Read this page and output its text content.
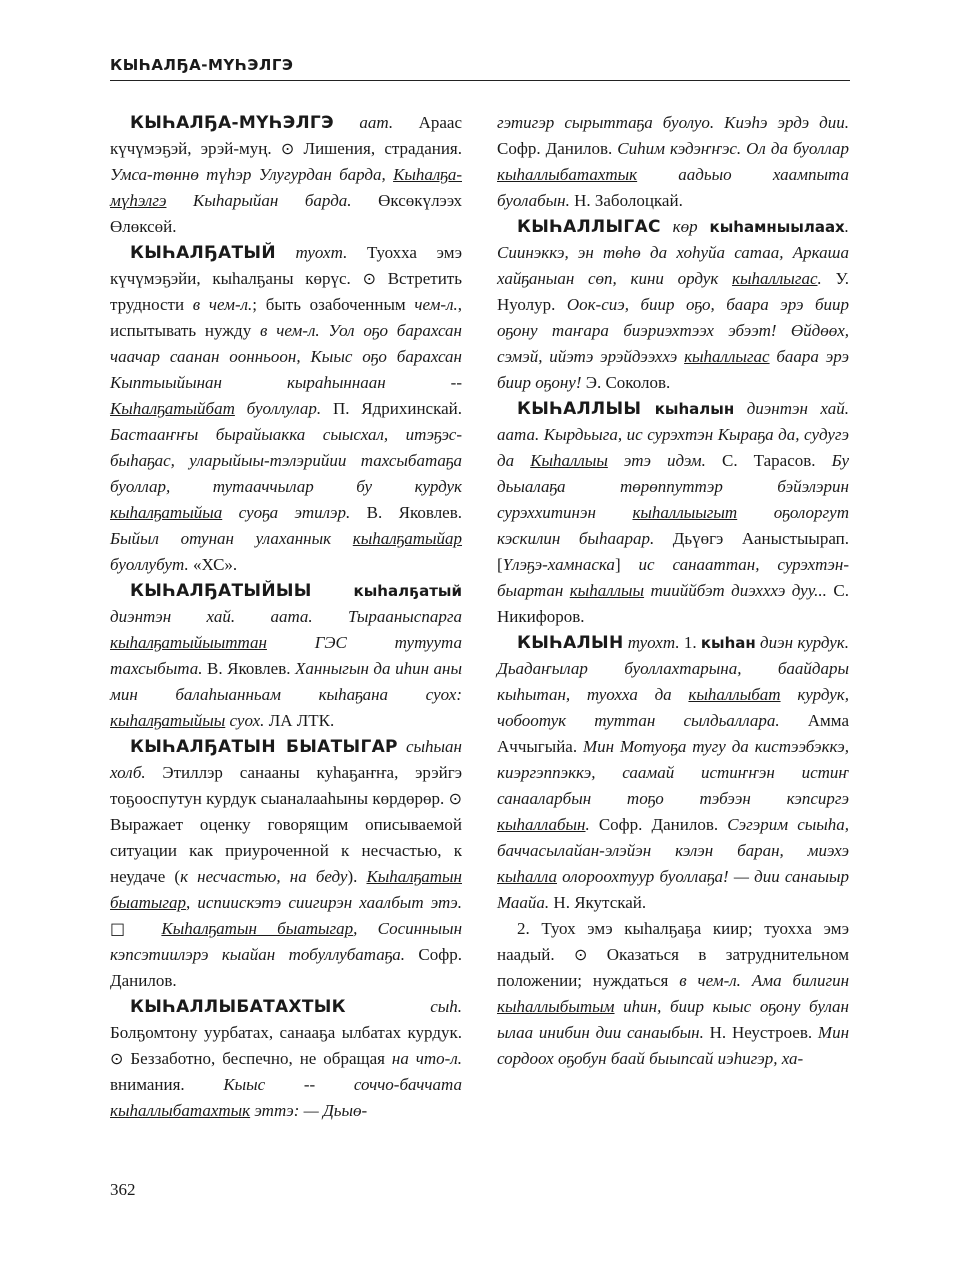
КЫҺАЛҔА-МҮҺЭЛГЭ

КЫҺАЛҔА-МҮҺЭЛГЭ аат. Араас күчүмэҕэй, эрэй-муң. ⊙ Лишения, страдания. Умса-төннө түһэр Улугурдан барда, Кыһалҕа-мүһэлгэ Кыһарыйан барда. Өксөкүлээх Өлөксөй.

КЫҺАЛҔАТЫЙ туохт. Туохха эмэ күчүмэҕэйи, кыһалҕаны көрүс. ⊙ Встретить трудности в чем-л.; быть озабоченным чем-л., испытывать нужду в чем-л. Уол оҕо барахсан чаачар саанан оонньоон, Кыыс оҕо барахсан Кыптыыйынан кыраһыннаан -- Кыһалҕатыйбат буоллулар. П. Ядрихинскай. Бастааҥҥы бырайыакка сыысхал, итэҕэс-быһаҕас, уларыйыы-тэлэрийии тахсыбатаҕа буоллар, тутааччылар бу курдук кыһалҕатыйыа суоҕа этилэр. В. Яковлев. Быйыл отунан улаханнык кыһалҕатыйар буоллубут. «ХС».

КЫҺАЛҔАТЫЙЫЫ кыһалҕатый диэнтэн хай. аата. Тырааныспарга кыһалҕатыйыыттан ГЭС тутуута тахсыбыта. В. Яковлев. Ханныгын да иһин аны мин балаһыанньам кыһаҕана суох: кыһалҕатыйыы суох. ЛА ЛТК.

КЫҺАЛҔАТЫН БЫАТЫГАР сыһыан холб. Этиллэр санааны куһаҕаҥҥа, эрэйгэ тоҕооспутун курдук сыаналааһыны көрдөрөр. ⊙ Выражает оценку говорящим описываемой ситуации как приуроченной к несчастью, к неудаче (к несчастью, на беду). Кыһалҕатын быатыгар, испиискэтэ сиигирэн хаалбыт этэ. □ Кыһалҕатын быатыгар, Сосинныын кэпсэтиилэрэ кыайан тобуллубатаҕа. Софр. Данилов.

КЫҺАЛЛЫБАТАХТЫК сыһ. Болҕомтону уурбатах, санааҕа ылбатах курдук. ⊙ Беззаботно, беспечно, не обращая на что-л. внимания. Кыыс -- соччо-баччата кыһаллыбатахтык эттэ: — Дьыө-

гэтигэр сырыттаҕа буолуо. Киэһэ эрдэ дии. Софр. Данилов. Сиһим кэдэҥҥэс. Ол да буоллар кыһаллыбатахтык аадьыо хаампыта буолабын. Н. Заболоцкай.

КЫҺАЛЛЫГАС көр кыһамныылаах. Сиинэккэ, эн төһө да хоһуйа сатаа, Аркаша хайҕаныан сөп, кини ордук кыһаллыгас. У. Нуолур. Оок-сиэ, биир оҕо, баара эрэ биир оҕону таҥара биэриэхтээх эбээт! Өйдөөх, сэмэй, ийэтэ эрэйдээххэ кыһаллыгас баара эрэ биир оҕону! Э. Соколов.

КЫҺАЛЛЫЫ кыһалын диэнтэн хай. аата. Кырдьыга, ис сурэхтэн Кыраҕа да, судугэ да Кыһаллыы этэ идэм. С. Тарасов. Бу дьыалаҕа төрөппуттэр бэйэлэрин сурэххитинэн кыһаллыыгыт оҕолоргут кэскилин быһаарар. Дьүөгэ Ааныстыырап. [Үлэҕэ-хамнаска] ис санааттан, сурэхтэн-быартан кыһаллыы тииййбэт диэхххэ дуу... С. Никифоров.

КЫҺАЛЫН туохт. 1. кыһан диэн курдук. Дьадаҥылар буоллахтарына, баайдары кыһытан, туохха да кыһаллыбат курдук, чобоотук туттан сылдьаллара. Амма Аччыгыйа. Мин Мотуоҕа тугу да кистээбэккэ, киэргэппэккэ, саамай истиҥҥэн истиҥ санааларбын тоҕо тэбээн кэпсиргэ кыһаллабын. Софр. Данилов. Сэгэрим сыыһа, баччасылайан-элэйэн кэлэн баран, миэхэ кыһалла олороохтуур буоллаҕа! — дии санаыыр Маайа. Н. Якутскай.

2. Туох эмэ кыһалҕаҕа киир; туохха эмэ наадый. ⊙ Оказаться в затруднительном положении; нуждаться в чем-л. Ама билигин кыһаллыбытым иһин, биир кыыс оҕону булан ылаа инибин дии санаыбын. Н. Неустроев. Мин сордоох оҕобун баай быыпсай иэһигэр, ха-

362
